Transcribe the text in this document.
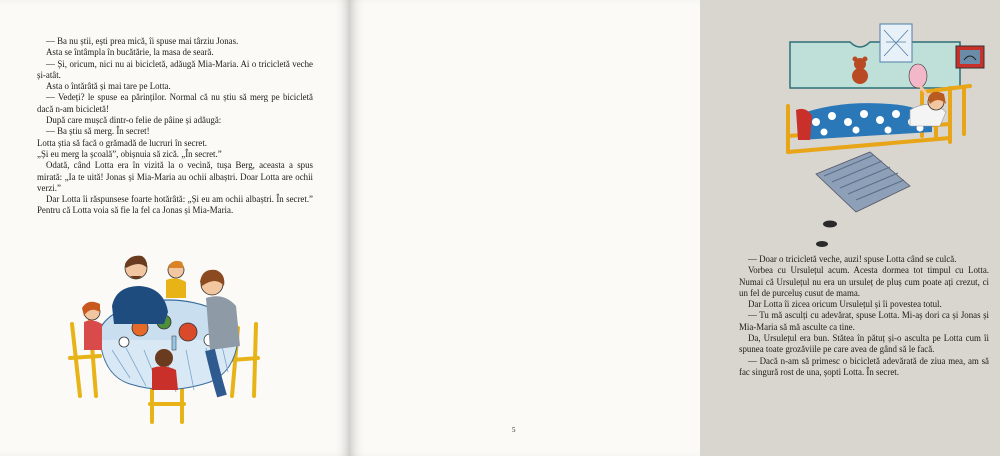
— Ba nu știi, ești prea mică, îi spuse mai târziu Jonas.

Asta se întâmpla în bucătărie, la masa de seară.

— Și, oricum, nici nu ai bicicletă, adăugă Mia-Maria. Ai o tricicletă veche și-atât.

Asta o întărâtă și mai tare pe Lotta.

— Vedeți? le spuse ea părinților. Normal că nu știu să merg pe bicicletă dacă n-am bicicletă!

După care mușcă dintr-o felie de pâine și adăugă:

— Ba știu să merg. În secret!

Lotta știa să facă o grămadă de lucruri în secret.

„Și eu merg la școală”, obișnuia să zică. „În secret.”

Odată, când Lotta era în vizită la o vecină, tușa Berg, aceasta a spus mirată: „Ia te uită! Jonas și Mia-Maria au ochii albaștri. Doar Lotta are ochii verzi.”

Dar Lotta îi răspunsese foarte hotărâtă: „Și eu am ochii albaștri. În secret.” Pentru că Lotta voia să fie la fel ca Jonas și Mia-Maria.

— Doar o tricicletă veche, auzi! spuse Lotta când se culcă.

Vorbea cu Ursulețul acum. Acesta dormea tot timpul cu Lotta. Numai că Ursulețul nu era un ursuleț de pluș cum poate ați crezut, ci un fel de purceluș cusut de mama.

Dar Lotta îi zicea oricum Ursulețul și îi povestea totul.

— Tu mă asculți cu adevărat, spuse Lotta. Mi-aș dori ca și Jonas și Mia-Maria să mă asculte ca tine.

Da, Ursulețul era bun. Stătea în pătuț și-o asculta pe Lotta cum îi spunea toate grozăviile pe care avea de gând să le facă.

— Dacă n-am să primesc o bicicletă adevărată de ziua mea, am să fac singură rost de una, șopti Lotta. În secret.

5
